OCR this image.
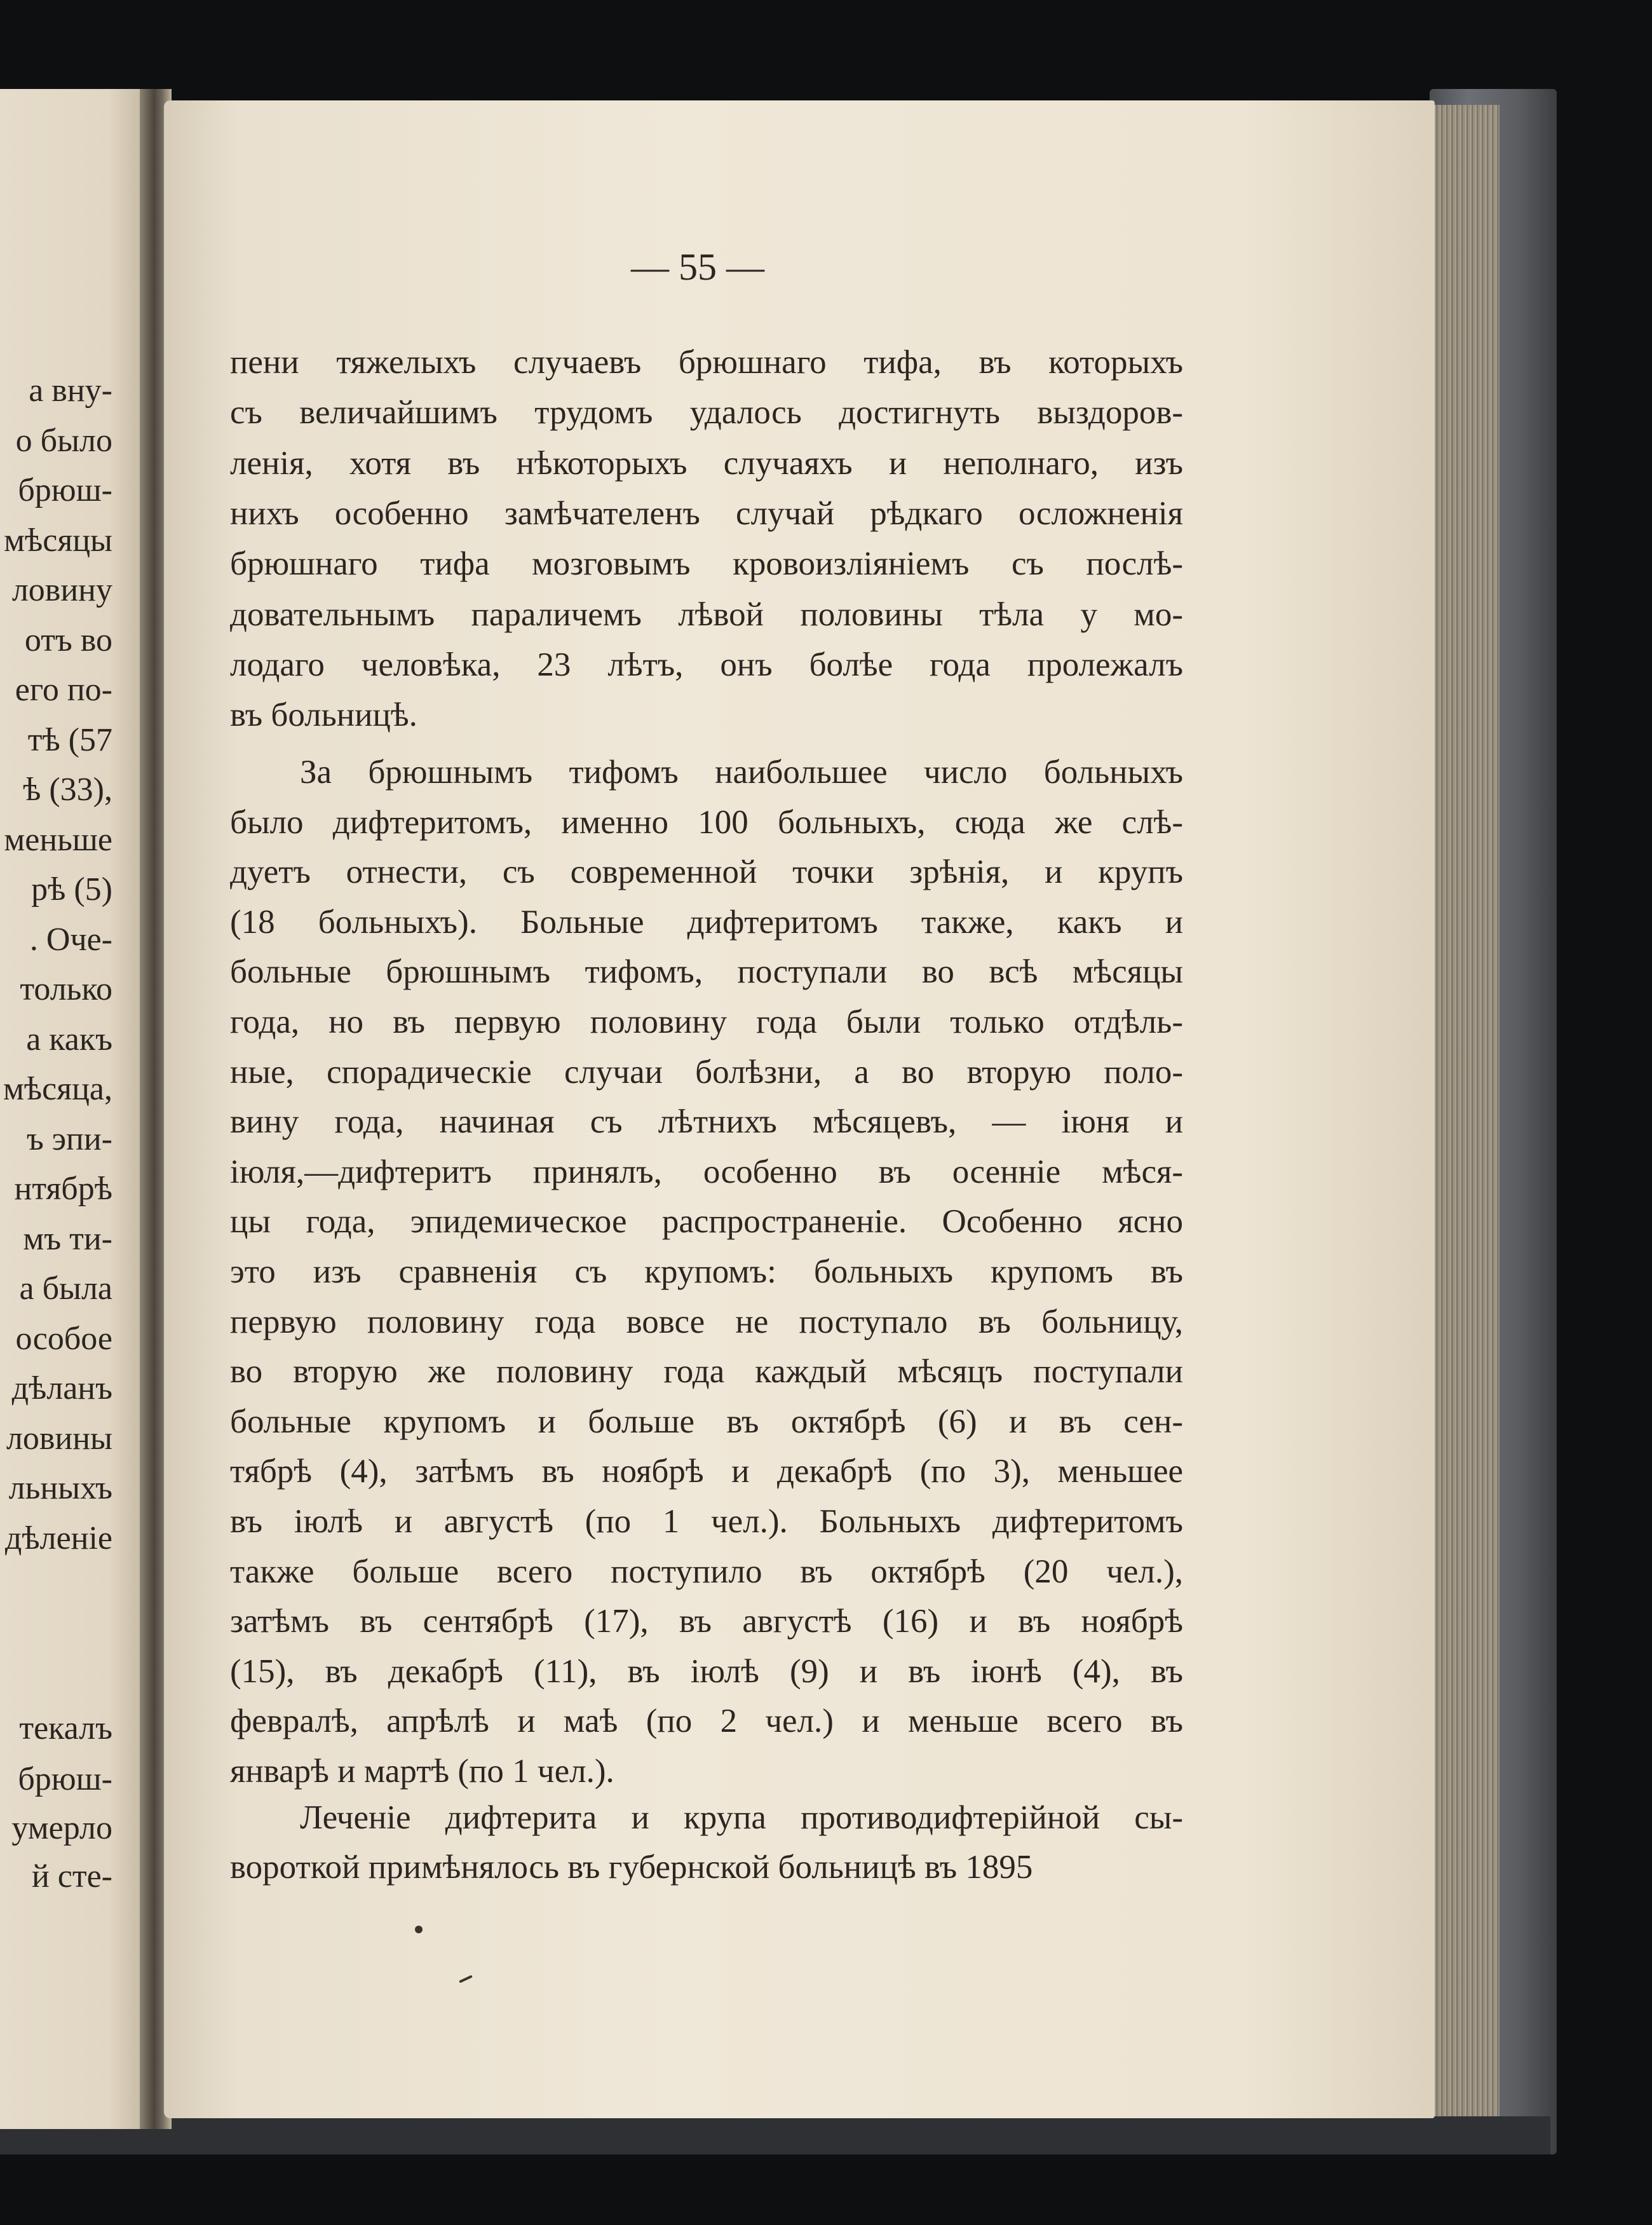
а вну-
о было
брюш-
мѣсяцы
ловину
отъ во
его по-
тѣ (57
ѣ (33),
меньше
рѣ (5)
. Оче-
только
а какъ
мѣсяца,
ъ эпи-
нтябрѣ
мъ ти-
а была
особое
дѣланъ
ловины
льныхъ
дѣленіе
текалъ
брюш-
умерло
й сте-
— 55 —
пени тяжелыхъ случаевъ брюшнаго тифа, въ которыхъ
съ величайшимъ трудомъ удалось достигнуть выздоров-
ленія, хотя въ нѣкоторыхъ случаяхъ и неполнаго, изъ
нихъ особенно замѣчателенъ случай рѣдкаго осложненія
брюшнаго тифа мозговымъ кровоизліяніемъ съ послѣ-
довательнымъ параличемъ лѣвой половины тѣла у мо-
лодаго человѣка, 23 лѣтъ, онъ болѣе года пролежалъ
въ больницѣ.
За брюшнымъ тифомъ наибольшее число больныхъ
было дифтеритомъ, именно 100 больныхъ, сюда же слѣ-
дуетъ отнести, съ современной точки зрѣнія, и крупъ
(18 больныхъ). Больные дифтеритомъ также, какъ и
больные брюшнымъ тифомъ, поступали во всѣ мѣсяцы
года, но въ первую половину года были только отдѣль-
ные, спорадическіе случаи болѣзни, а во вторую поло-
вину года, начиная съ лѣтнихъ мѣсяцевъ, — іюня и
іюля,—дифтеритъ принялъ, особенно въ осенніе мѣся-
цы года, эпидемическое распространеніе. Особенно ясно
это изъ сравненія съ крупомъ: больныхъ крупомъ въ
первую половину года вовсе не поступало въ больницу,
во вторую же половину года каждый мѣсяцъ поступали
больные крупомъ и больше въ октябрѣ (6) и въ сен-
тябрѣ (4), затѣмъ въ ноябрѣ и декабрѣ (по 3), меньшее
въ іюлѣ и августѣ (по 1 чел.). Больныхъ дифтеритомъ
также больше всего поступило въ октябрѣ (20 чел.),
затѣмъ въ сентябрѣ (17), въ августѣ (16) и въ ноябрѣ
(15), въ декабрѣ (11), въ іюлѣ (9) и въ іюнѣ (4), въ
февралѣ, апрѣлѣ и маѣ (по 2 чел.) и меньше всего въ
январѣ и мартѣ (по 1 чел.).
Леченіе дифтерита и крупа противодифтерійной сы-
вороткой примѣнялось въ губернской больницѣ въ 1895
